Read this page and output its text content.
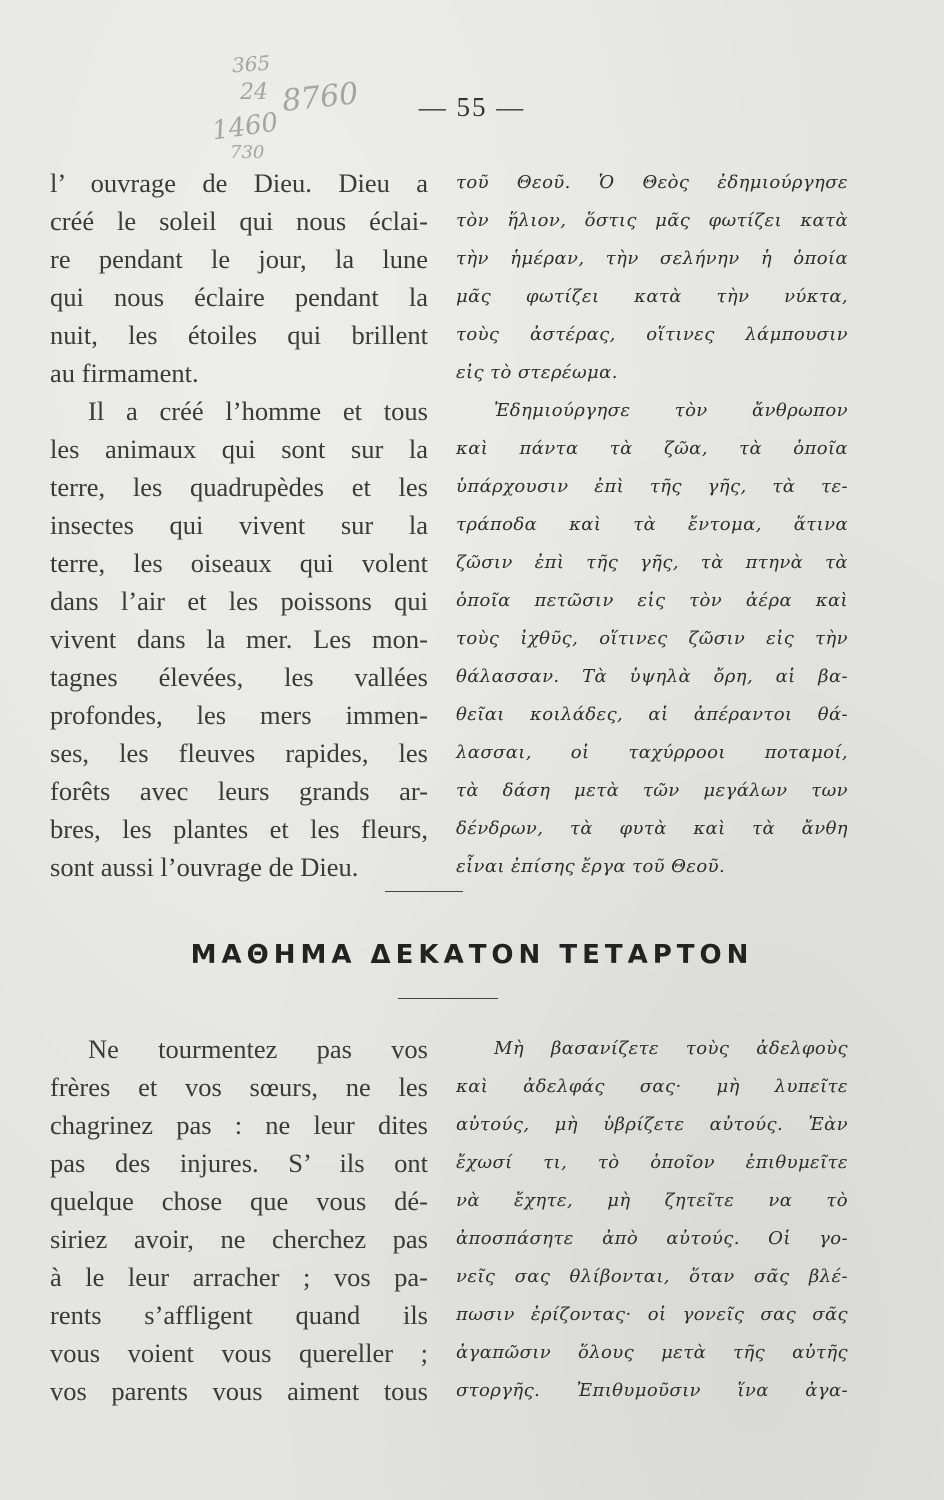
365
24 8760
1460
730
— 55 —
l’ ouvrage de Dieu. Dieu a
créé le soleil qui nous éclai-
re pendant le jour, la lune
qui nous éclaire pendant la
nuit, les étoiles qui brillent
au firmament.
Il a créé l’homme et tous
les animaux qui sont sur la
terre, les quadrupèdes et les
insectes qui vivent sur la
terre, les oiseaux qui volent
dans l’air et les poissons qui
vivent dans la mer. Les mon-
tagnes élevées, les vallées
profondes, les mers immen-
ses, les fleuves rapides, les
forêts avec leurs grands ar-
bres, les plantes et les fleurs,
sont aussi l’ouvrage de Dieu.
τοῦ Θεοῦ. Ὁ Θεὸς ἐδημιούργησε
τὸν ἥλιον, ὅστις μᾶς φωτίζει κατὰ
τὴν ἡμέραν, τὴν σελήνην ἡ ὁποία
μᾶς φωτίζει κατὰ τὴν νύκτα,
τοὺς ἀστέρας, οἵτινες λάμπουσιν
εἰς τὸ στερέωμα.
Ἐδημιούργησε τὸν ἄνθρωπον
καὶ πάντα τὰ ζῶα, τὰ ὁποῖα
ὑπάρχουσιν ἐπὶ τῆς γῆς, τὰ τε-
τράποδα καὶ τὰ ἔντομα, ἅτινα
ζῶσιν ἐπὶ τῆς γῆς, τὰ πτηνὰ τὰ
ὁποῖα πετῶσιν εἰς τὸν ἀέρα καὶ
τοὺς ἰχθῦς, οἵτινες ζῶσιν εἰς τὴν
θάλασσαν. Τὰ ὑψηλὰ ὄρη, αἱ βα-
θεῖαι κοιλάδες, αἱ ἀπέραντοι θά-
λασσαι, οἱ ταχύρροοι ποταμοί,
τὰ δάση μετὰ τῶν μεγάλων των
δένδρων, τὰ φυτὰ καὶ τὰ ἄνθη
εἶναι ἐπίσης ἔργα τοῦ Θεοῦ.
ΜΑΘΗΜΑ ΔΕΚΑΤΟΝ ΤΕΤΑΡΤΟΝ
Ne tourmentez pas vos
frères et vos sœurs, ne les
chagrinez pas : ne leur dites
pas des injures. S’ ils ont
quelque chose que vous dé-
siriez avoir, ne cherchez pas
à le leur arracher ; vos pa-
rents s’affligent quand ils
vous voient vous quereller ;
vos parents vous aiment tous
Μὴ βασανίζετε τοὺς ἀδελφοὺς
καὶ ἀδελφάς σας· μὴ λυπεῖτε
αὐτούς, μὴ ὑβρίζετε αὐτούς. Ἐὰν
ἔχωσί τι, τὸ ὁποῖον ἐπιθυμεῖτε
νὰ ἔχητε, μὴ ζητεῖτε να τὸ
ἀποσπάσητε ἀπὸ αὐτούς. Οἱ γο-
νεῖς σας θλίβονται, ὅταν σᾶς βλέ-
πωσιν ἐρίζοντας· οἱ γονεῖς σας σᾶς
ἀγαπῶσιν ὅλους μετὰ τῆς αὐτῆς
στοργῆς. Ἐπιθυμοῦσιν ἵνα ἀγα-
